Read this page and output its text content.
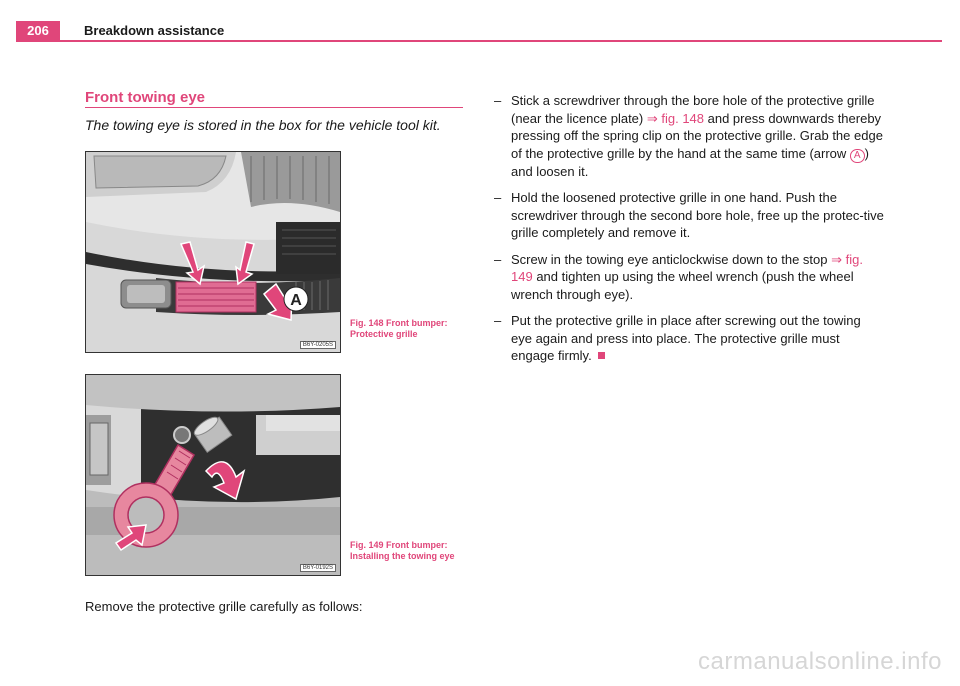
206	Breakdown assistance
Front towing eye
The towing eye is stored in the box for the vehicle tool kit.
A
B6Y-0205S
Fig. 148 Front bumper: Protective grille
B6Y-0192S
Fig. 149 Front bumper: Installing the towing eye
Remove the protective grille carefully as follows:
– Stick a screwdriver through the bore hole of the protective grille (near the licence plate) ⇒ fig. 148 and press downwards thereby pressing off the spring clip on the protective grille. Grab the edge of the protective grille by the hand at the same time (arrow A ) and loosen it.
– Hold the loosened protective grille in one hand. Push the screwdriver through the second bore hole, free up the protec-tive grille completely and remove it.
– Screw in the towing eye anticlockwise down to the stop ⇒ fig. 149 and tighten up using the wheel wrench (push the wheel wrench through eye).
– Put the protective grille in place after screwing out the towing eye again and press into place. The protective grille must engage firmly.
carmanualsonline.info
